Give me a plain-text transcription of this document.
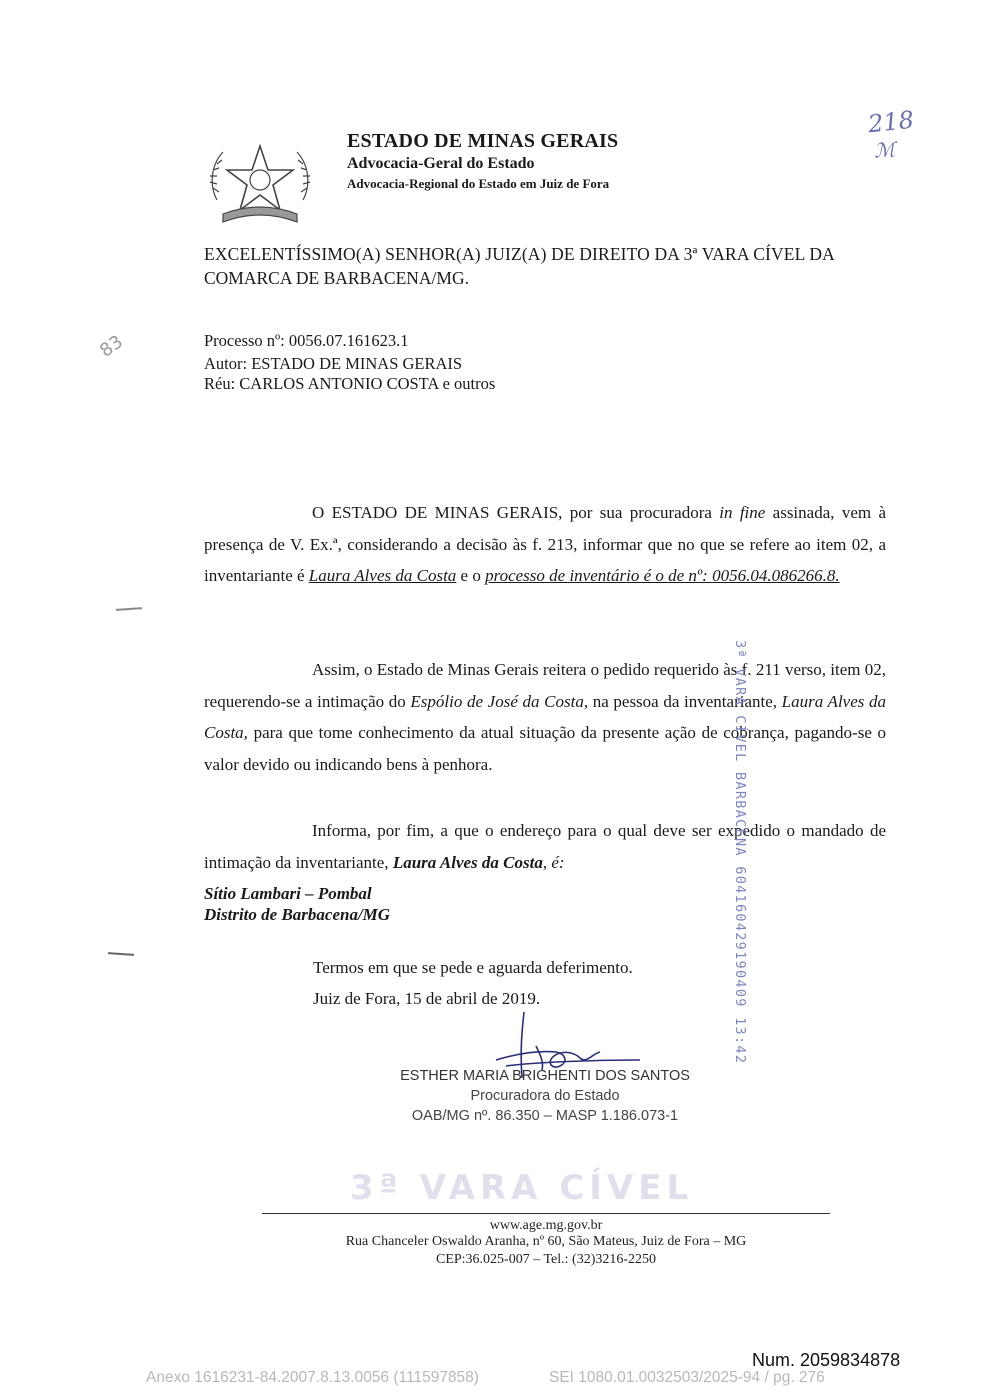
ESTADO DE MINAS GERAIS
Advocacia-Geral do Estado
Advocacia-Regional do Estado em Juiz de Fora
218
ℳ
EXCELENTÍSSIMO(A) SENHOR(A) JUIZ(A) DE DIREITO DA 3ª VARA CÍVEL DA
COMARCA DE BARBACENA/MG.
Processo nº: 0056.07.161623.1
Autor: ESTADO DE MINAS GERAIS
Réu: CARLOS ANTONIO COSTA e outros
83
O ESTADO DE MINAS GERAIS, por sua procuradora in fine assinada, vem à presença de V. Ex.ª, considerando a decisão às f. 213, informar que no que se refere ao item 02, a inventariante é Laura Alves da Costa e o processo de inventário é o de nº: 0056.04.086266.8.
Assim, o Estado de Minas Gerais reitera o pedido requerido às f. 211 verso, item 02, requerendo-se a intimação do Espólio de José da Costa, na pessoa da inventariante, Laura Alves da Costa, para que tome conhecimento da atual situação da presente ação de cobrança, pagando-se o valor devido ou indicando bens à penhora.
Informa, por fim, a que o endereço para o qual deve ser expedido o mandado de intimação da inventariante, Laura Alves da Costa, é:
Sítio Lambari – Pombal
Distrito de Barbacena/MG
Termos em que se pede e aguarda deferimento.
Juiz de Fora, 15 de abril de 2019.
ESTHER MARIA BRIGHENTI DOS SANTOS
Procuradora do Estado
OAB/MG nº. 86.350 – MASP 1.186.073-1
3ª VARA CÍVEL BARBACENA 604160429190409 13:42
3ª VARA CÍVEL
www.age.mg.gov.br
Rua Chanceler Oswaldo Aranha, nº 60, São Mateus, Juiz de Fora – MG
CEP:36.025-007 – Tel.: (32)3216-2250
Num. 2059834878
Anexo 1616231-84.2007.8.13.0056 (111597858)	SEI 1080.01.0032503/2025-94 / pg. 276
